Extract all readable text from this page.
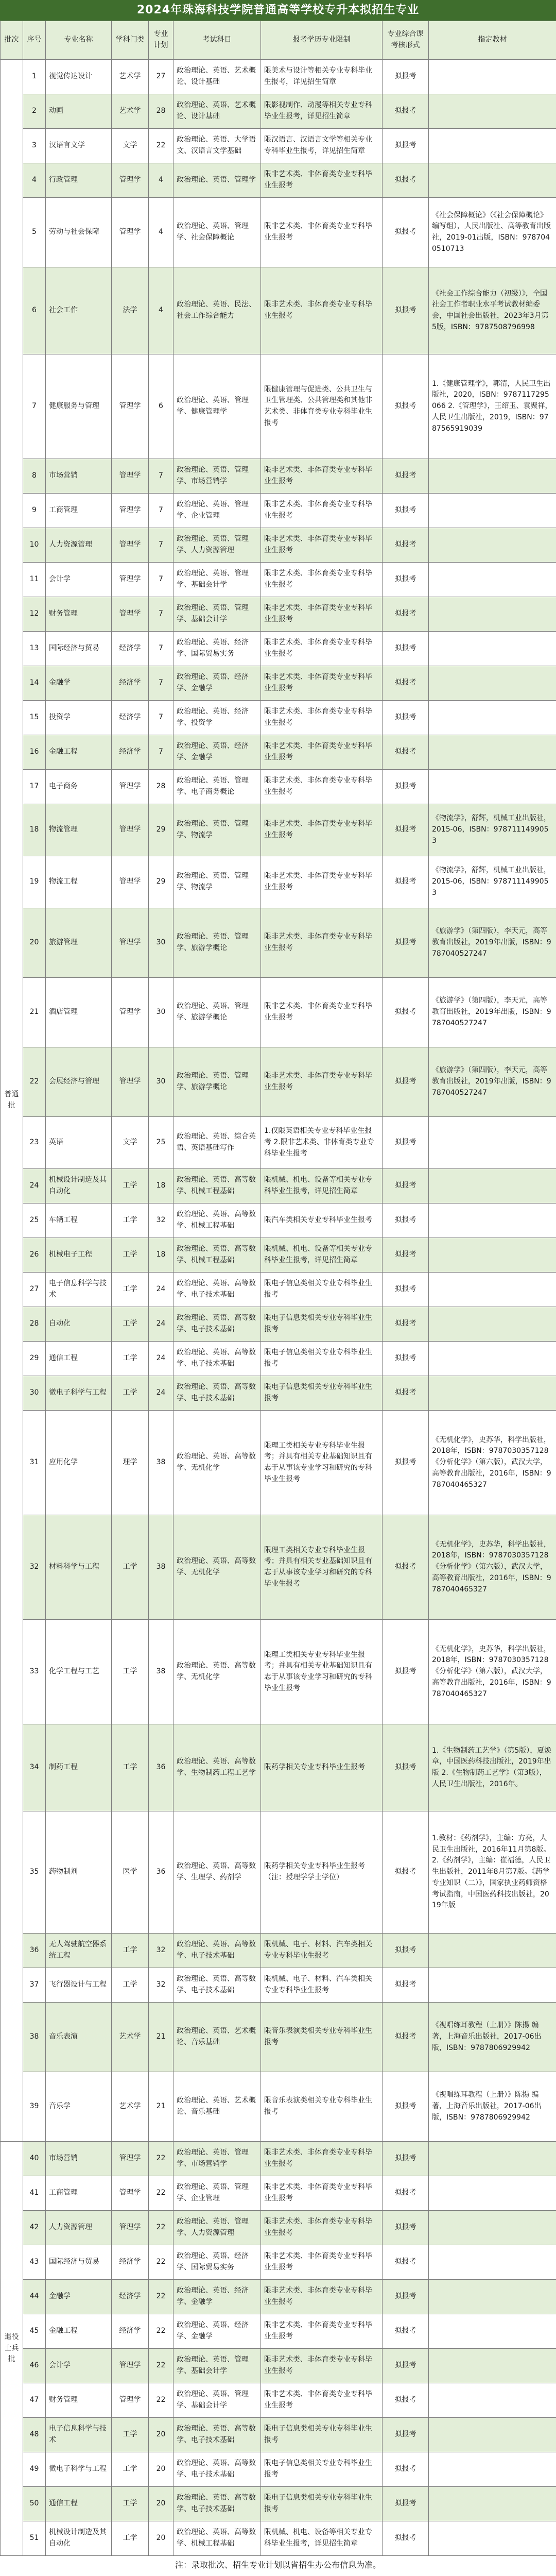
2024年珠海科技学院普通高等学校专升本拟招生专业
批次	序号	专业名称	学科门类	专业计划	考试科目	报考学历专业限制	专业综合课考核形式	指定教材
普通批	1	视觉传达设计	艺术学	27	政治理论、英语、艺术概论、设计基础	限美术与设计等相关专业专科毕业生报考，详见招生简章	拟报考	
	2	动画	艺术学	28	政治理论、英语、艺术概论、设计基础	限影视制作、动漫等相关专业专科毕业生报考，详见招生简章	拟报考	
	3	汉语言文学	文学	22	政治理论、英语、大学语文、汉语言文学基础	限汉语言、汉语言文学等相关专业专科毕业生报考，详见招生简章	拟报考	
	4	行政管理	管理学	4	政治理论、英语、管理学	限非艺术类、非体育类专业专科毕业生报考	拟报考	
	5	劳动与社会保障	管理学	4	政治理论、英语、管理学、社会保障概论	限非艺术类、非体育类专业专科毕业生报考	拟报考	《社会保障概论》（《社会保障概论》编写组），人民出版社、高等教育出版社，2019-01出版，ISBN：9787040510713
	6	社会工作	法学	4	政治理论、英语、民法、社会工作综合能力	限非艺术类、非体育类专业专科毕业生报考	拟报考	《社会工作综合能力（初级）》，全国社会工作者职业水平考试教材编委会，中国社会出版社，2023年3月第5版，ISBN：9787508796998
	7	健康服务与管理	管理学	6	政治理论、英语、管理学、健康管理学	限健康管理与促进类、公共卫生与卫生管理类、公共管理类和其他非艺术类、非体育类专业专科毕业生报考	拟报考	1.《健康管理学》，郭清，人民卫生出版社，2020，ISBN：9787117295066 2.《管理学》，王绍玉、袁聚祥，人民卫生出版社，2019，ISBN：9787565919039
	8	市场营销	管理学	7	政治理论、英语、管理学、市场营销学	限非艺术类、非体育类专业专科毕业生报考	拟报考	
	9	工商管理	管理学	7	政治理论、英语、管理学、企业管理	限非艺术类、非体育类专业专科毕业生报考	拟报考	
	10	人力资源管理	管理学	7	政治理论、英语、管理学、人力资源管理	限非艺术类、非体育类专业专科毕业生报考	拟报考	
	11	会计学	管理学	7	政治理论、英语、管理学、基础会计学	限非艺术类、非体育类专业专科毕业生报考	拟报考	
	12	财务管理	管理学	7	政治理论、英语、管理学、基础会计学	限非艺术类、非体育类专业专科毕业生报考	拟报考	
	13	国际经济与贸易	经济学	7	政治理论、英语、经济学、国际贸易实务	限非艺术类、非体育类专业专科毕业生报考	拟报考	
	14	金融学	经济学	7	政治理论、英语、经济学、金融学	限非艺术类、非体育类专业专科毕业生报考	拟报考	
	15	投资学	经济学	7	政治理论、英语、经济学、投资学	限非艺术类、非体育类专业专科毕业生报考	拟报考	
	16	金融工程	经济学	7	政治理论、英语、经济学、金融学	限非艺术类、非体育类专业专科毕业生报考	拟报考	
	17	电子商务	管理学	28	政治理论、英语、管理学、电子商务概论	限非艺术类、非体育类专业专科毕业生报考	拟报考	
	18	物流管理	管理学	29	政治理论、英语、管理学、物流学	限非艺术类、非体育类专业专科毕业生报考	拟报考	《物流学》，舒辉，机械工业出版社，2015-06，ISBN：9787111499053
	19	物流工程	管理学	29	政治理论、英语、管理学、物流学	限非艺术类、非体育类专业专科毕业生报考	拟报考	《物流学》，舒辉，机械工业出版社，2015-06，ISBN：9787111499053
	20	旅游管理	管理学	30	政治理论、英语、管理学、旅游学概论	限非艺术类、非体育类专业专科毕业生报考	拟报考	《旅游学》（第四版），李天元，高等教育出版社，2019年出版，ISBN：9787040527247
	21	酒店管理	管理学	30	政治理论、英语、管理学、旅游学概论	限非艺术类、非体育类专业专科毕业生报考	拟报考	《旅游学》（第四版），李天元，高等教育出版社，2019年出版，ISBN：9787040527247
	22	会展经济与管理	管理学	30	政治理论、英语、管理学、旅游学概论	限非艺术类、非体育类专业专科毕业生报考	拟报考	《旅游学》（第四版），李天元，高等教育出版社，2019年出版，ISBN：9787040527247
	23	英语	文学	25	政治理论、英语、综合英语、英语基础写作	1.仅限英语相关专业专科毕业生报考 2.限非艺术类、非体育类专业专科毕业生报考	拟报考	
	24	机械设计制造及其自动化	工学	18	政治理论、英语、高等数学、机械工程基础	限机械、机电、设备等相关专业专科毕业生报考，详见招生简章	拟报考	
	25	车辆工程	工学	32	政治理论、英语、高等数学、机械工程基础	限汽车类相关专业专科毕业生报考	拟报考	
	26	机械电子工程	工学	18	政治理论、英语、高等数学、机械工程基础	限机械、机电、设备等相关专业专科毕业生报考，详见招生简章	拟报考	
	27	电子信息科学与技术	工学	24	政治理论、英语、高等数学、电子技术基础	限电子信息类相关专业专科毕业生报考	拟报考	
	28	自动化	工学	24	政治理论、英语、高等数学、电子技术基础	限电子信息类相关专业专科毕业生报考	拟报考	
	29	通信工程	工学	24	政治理论、英语、高等数学、电子技术基础	限电子信息类相关专业专科毕业生报考	拟报考	
	30	微电子科学与工程	工学	24	政治理论、英语、高等数学、电子技术基础	限电子信息类相关专业专科毕业生报考	拟报考	
	31	应用化学	理学	38	政治理论、英语、高等数学、无机化学	限理工类相关专业专科毕业生报考；并具有相关专业基础知识且有志于从事该专业学习和研究的专科毕业生报考	拟报考	《无机化学》，史苏华，科学出版社，2018年，ISBN：9787030357128 《分析化学》（第六版），武汉大学，高等教育出版社，2016年，ISBN：9787040465327
	32	材料科学与工程	工学	38	政治理论、英语、高等数学、无机化学	限理工类相关专业专科毕业生报考；并具有相关专业基础知识且有志于从事该专业学习和研究的专科毕业生报考	拟报考	《无机化学》，史苏华，科学出版社，2018年，ISBN：9787030357128 《分析化学》（第六版），武汉大学，高等教育出版社，2016年，ISBN：9787040465327
	33	化学工程与工艺	工学	38	政治理论、英语、高等数学、无机化学	限理工类相关专业专科毕业生报考；并具有相关专业基础知识且有志于从事该专业学习和研究的专科毕业生报考	拟报考	《无机化学》，史苏华，科学出版社，2018年，ISBN：9787030357128 《分析化学》（第六版），武汉大学，高等教育出版社，2016年，ISBN：9787040465327
	34	制药工程	工学	36	政治理论、英语、高等数学、生物制药工程工艺学	限药学相关专业专科毕业生报考	拟报考	1.《生物制药工艺学》（第5版），夏焕章，中国医药科技出版社，2019年出版 2.《生物制药工艺学》（第3版），人民卫生出版社，2016年。
	35	药物制剂	医学	36	政治理论、英语、高等数学、生理学、药剂学	限药学相关专业专科毕业生报考（注：授理学学士学位）	拟报考	1.教材：《药剂学》，主编：方亮，人民卫生出版社，2016年11月第8版。2.《药剂学》，主编：崔福德，人民卫生出版社，2011年8月第7版。《药学专业知识（二）》，国家执业药师资格考试指南，中国医药科技出版社，2019年版
	36	无人驾驶航空器系统工程	工学	32	政治理论、英语、高等数学、电子技术基础	限机械、电子、材料、汽车类相关专业专科毕业生报考	拟报考	
	37	飞行器设计与工程	工学	32	政治理论、英语、高等数学、电子技术基础	限机械、电子、材料、汽车类相关专业专科毕业生报考	拟报考	
	38	音乐表演	艺术学	21	政治理论、英语、艺术概论、音乐基础	限音乐表演类相关专业专科毕业生报考	拟报考	《视唱练耳教程（上册）》陈揚 编著，上海音乐出版社，2017-06出版，ISBN：9787806929942
	39	音乐学	艺术学	21	政治理论、英语、艺术概论、音乐基础	限音乐表演类相关专业专科毕业生报考	拟报考	《视唱练耳教程（上册）》陈揚 编著，上海音乐出版社，2017-06出版，ISBN：9787806929942
退役士兵批	40	市场营销	管理学	22	政治理论、英语、管理学、市场营销学	限非艺术类、非体育类专业专科毕业生报考	拟报考	
	41	工商管理	管理学	22	政治理论、英语、管理学、企业管理	限非艺术类、非体育类专业专科毕业生报考	拟报考	
	42	人力资源管理	管理学	22	政治理论、英语、管理学、人力资源管理	限非艺术类、非体育类专业专科毕业生报考	拟报考	
	43	国际经济与贸易	经济学	22	政治理论、英语、经济学、国际贸易实务	限非艺术类、非体育类专业专科毕业生报考	拟报考	
	44	金融学	经济学	22	政治理论、英语、经济学、金融学	限非艺术类、非体育类专业专科毕业生报考	拟报考	
	45	金融工程	经济学	22	政治理论、英语、经济学、金融学	限非艺术类、非体育类专业专科毕业生报考	拟报考	
	46	会计学	管理学	22	政治理论、英语、管理学、基础会计学	限非艺术类、非体育类专业专科毕业生报考	拟报考	
	47	财务管理	管理学	22	政治理论、英语、管理学、基础会计学	限非艺术类、非体育类专业专科毕业生报考	拟报考	
	48	电子信息科学与技术	工学	20	政治理论、英语、高等数学、电子技术基础	限电子信息类相关专业专科毕业生报考	拟报考	
	49	微电子科学与工程	工学	20	政治理论、英语、高等数学、电子技术基础	限电子信息类相关专业专科毕业生报考	拟报考	
	50	通信工程	工学	20	政治理论、英语、高等数学、电子技术基础	限电子信息类相关专业专科毕业生报考	拟报考	
	51	机械设计制造及其自动化	工学	20	政治理论、英语、高等数学、机械工程基础	限机械、机电、设备等相关专业专科毕业生报考，详见招生简章	拟报考	
注：录取批次、招生专业计划以省招生办公布信息为准。
